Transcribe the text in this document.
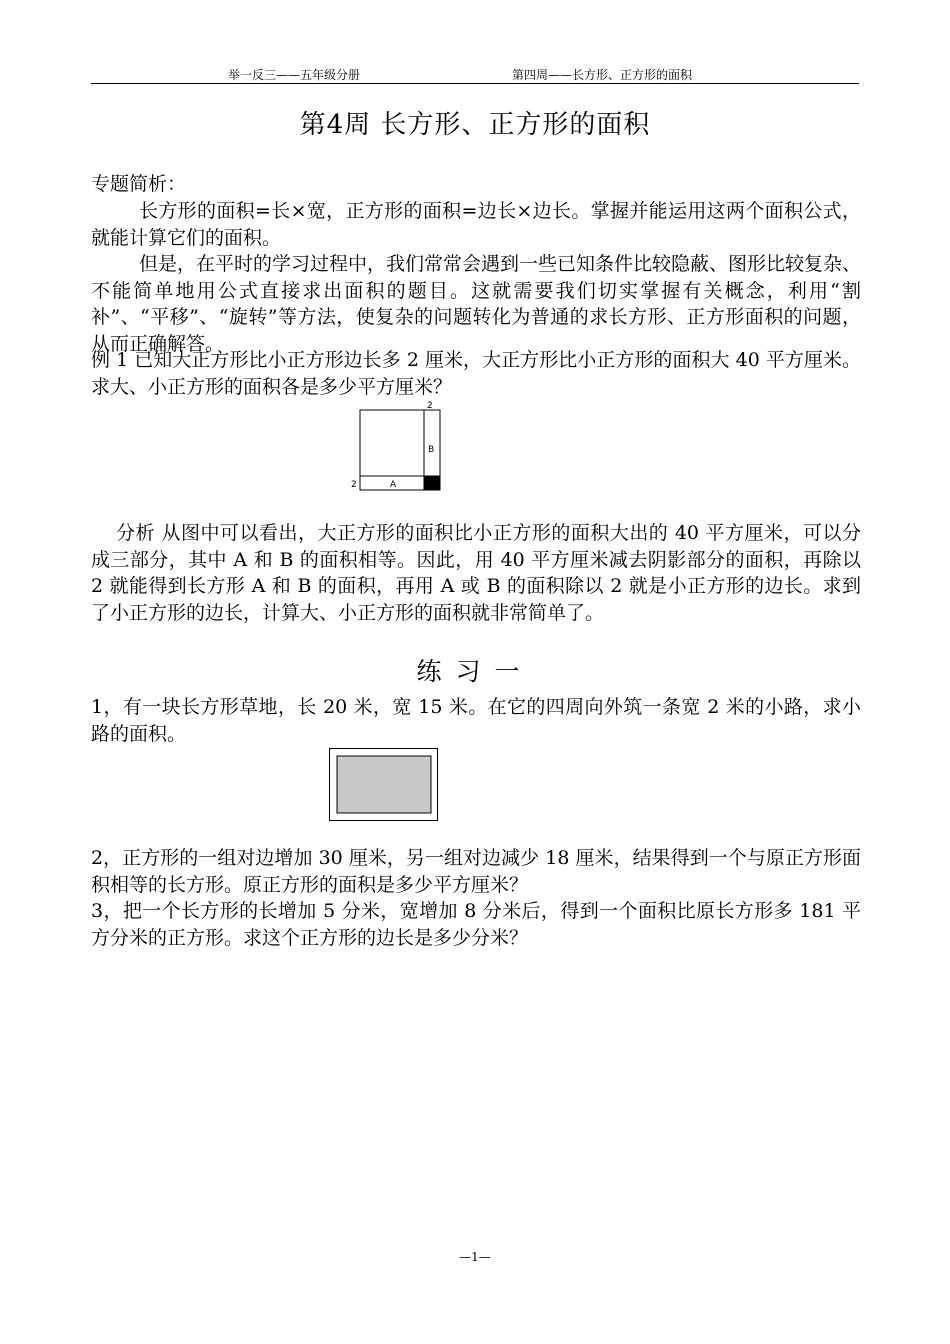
举一反三——五年级分册	第四周——长方形、正方形的面积
第4周 长方形、正方形的面积
专题简析：
长方形的面积=长×宽，正方形的面积=边长×边长。掌握并能运用这两个面积公式，就能计算它们的面积。
但是，在平时的学习过程中，我们常常会遇到一些已知条件比较隐蔽、图形比较复杂、不能简单地用公式直接求出面积的题目。这就需要我们切实掌握有关概念，利用“割补”、“平移”、“旋转”等方法，使复杂的问题转化为普通的求长方形、正方形面积的问题，从而正确解答。
例 1 已知大正方形比小正方形边长多 2 厘米，大正方形比小正方形的面积大 40 平方厘米。求大、小正方形的面积各是多少平方厘米？
2
B
2	A
分析 从图中可以看出，大正方形的面积比小正方形的面积大出的 40 平方厘米，可以分成三部分，其中 A 和 B 的面积相等。因此，用 40 平方厘米减去阴影部分的面积，再除以 2 就能得到长方形 A 和 B 的面积，再用 A 或 B 的面积除以 2 就是小正方形的边长。求到了小正方形的边长，计算大、小正方形的面积就非常简单了。
练习一
1，有一块长方形草地，长 20 米，宽 15 米。在它的四周向外筑一条宽 2 米的小路，求小路的面积。
2，正方形的一组对边增加 30 厘米，另一组对边减少 18 厘米，结果得到一个与原正方形面积相等的长方形。原正方形的面积是多少平方厘米？
3，把一个长方形的长增加 5 分米，宽增加 8 分米后，得到一个面积比原长方形多 181 平方分米的正方形。求这个正方形的边长是多少分米？
—1—
